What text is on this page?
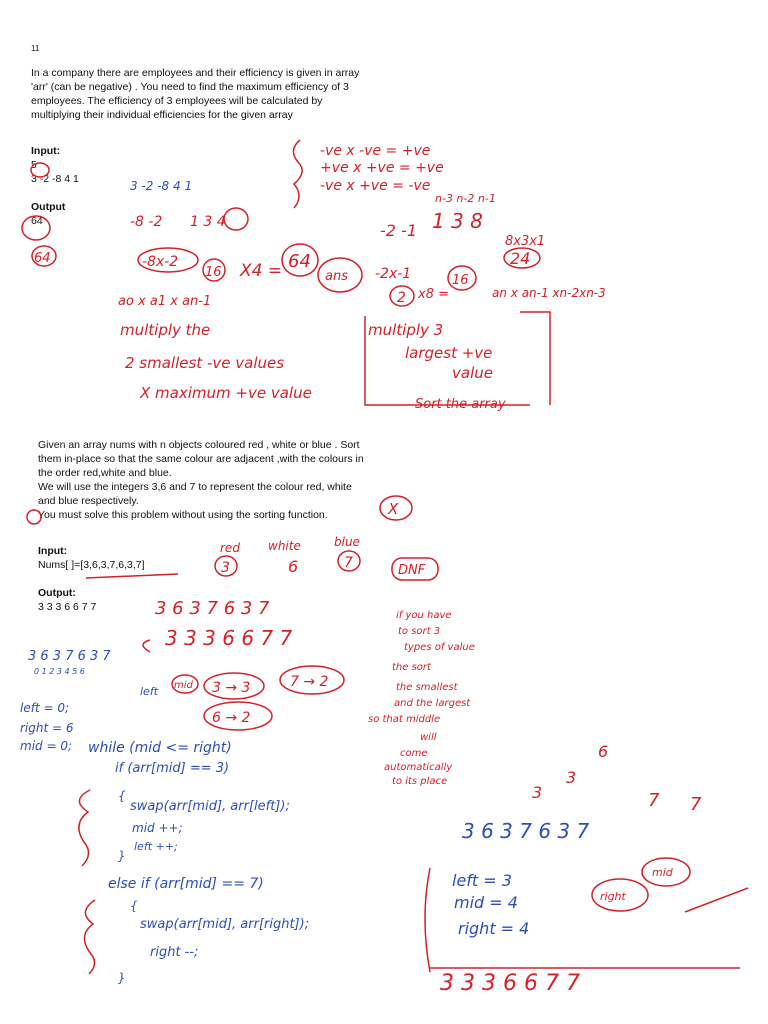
11
In a company there are employees and their efficiency is given in array 'arr' (can be negative) . You need to find the maximum efficiency of 3 employees. The efficiency of 3 employees will be calculated by multiplying their individual efficiencies for the given array
Input:
5
3 -2 -8 4 1
Output
64
Given an array nums with n objects coloured red , white or blue . Sort
them in-place so that the same colour are adjacent ,with the colours in
the order red,white and blue.
We will use the integers 3,6 and 7 to represent the colour red, white
and blue respectively.
You must solve this problem without using the sorting function.
Input:
Nums[ ]=[3,6,3,7,6,3,7]
Output:
3 3 3 6 6 7 7
-ve x -ve = +ve
+ve x +ve = +ve
-ve x +ve = -ve
64
3 -2 -8 4 1
-8 -2 1 3 4
-8x-2
16 X4 = 64
ao x a1 x an-1
multiply the
2 smallest -ve values
X maximum +ve value
ans
n-3 n-2 n-1
-2 -1 1 3 8
8x3x1
24
-2x-1
2 x8 =
16
an x an-1 xn-2xn-3
multiply 3
largest +ve
value
Sort the array
X
red white	blue
3	6	7	DNF
if you have
to sort 3
types of value
the sort
the smallest
and the largest
so that middle
will
come
automatically
to its place
3 6 3 7 6 3 7
3 3 3 6 6 7 7
3 6 3 7 6 3 7
0 1 2 3 4 5 6
left mid 3 → 3	7 → 2
6 → 2
left = 0;
right = 6
mid = 0; while (mid <= right)
if (arr[mid] == 3)
{
swap(arr[mid], arr[left]);
mid ++;
left ++;
}
else if (arr[mid] == 7)
{
swap(arr[mid], arr[right]);
right --;
}
3 6 3 7 6 3 7
6
3
3	7 7
left = 3
mid = 4
right = 4
right
mid
3 3 3 6 6 7 7
